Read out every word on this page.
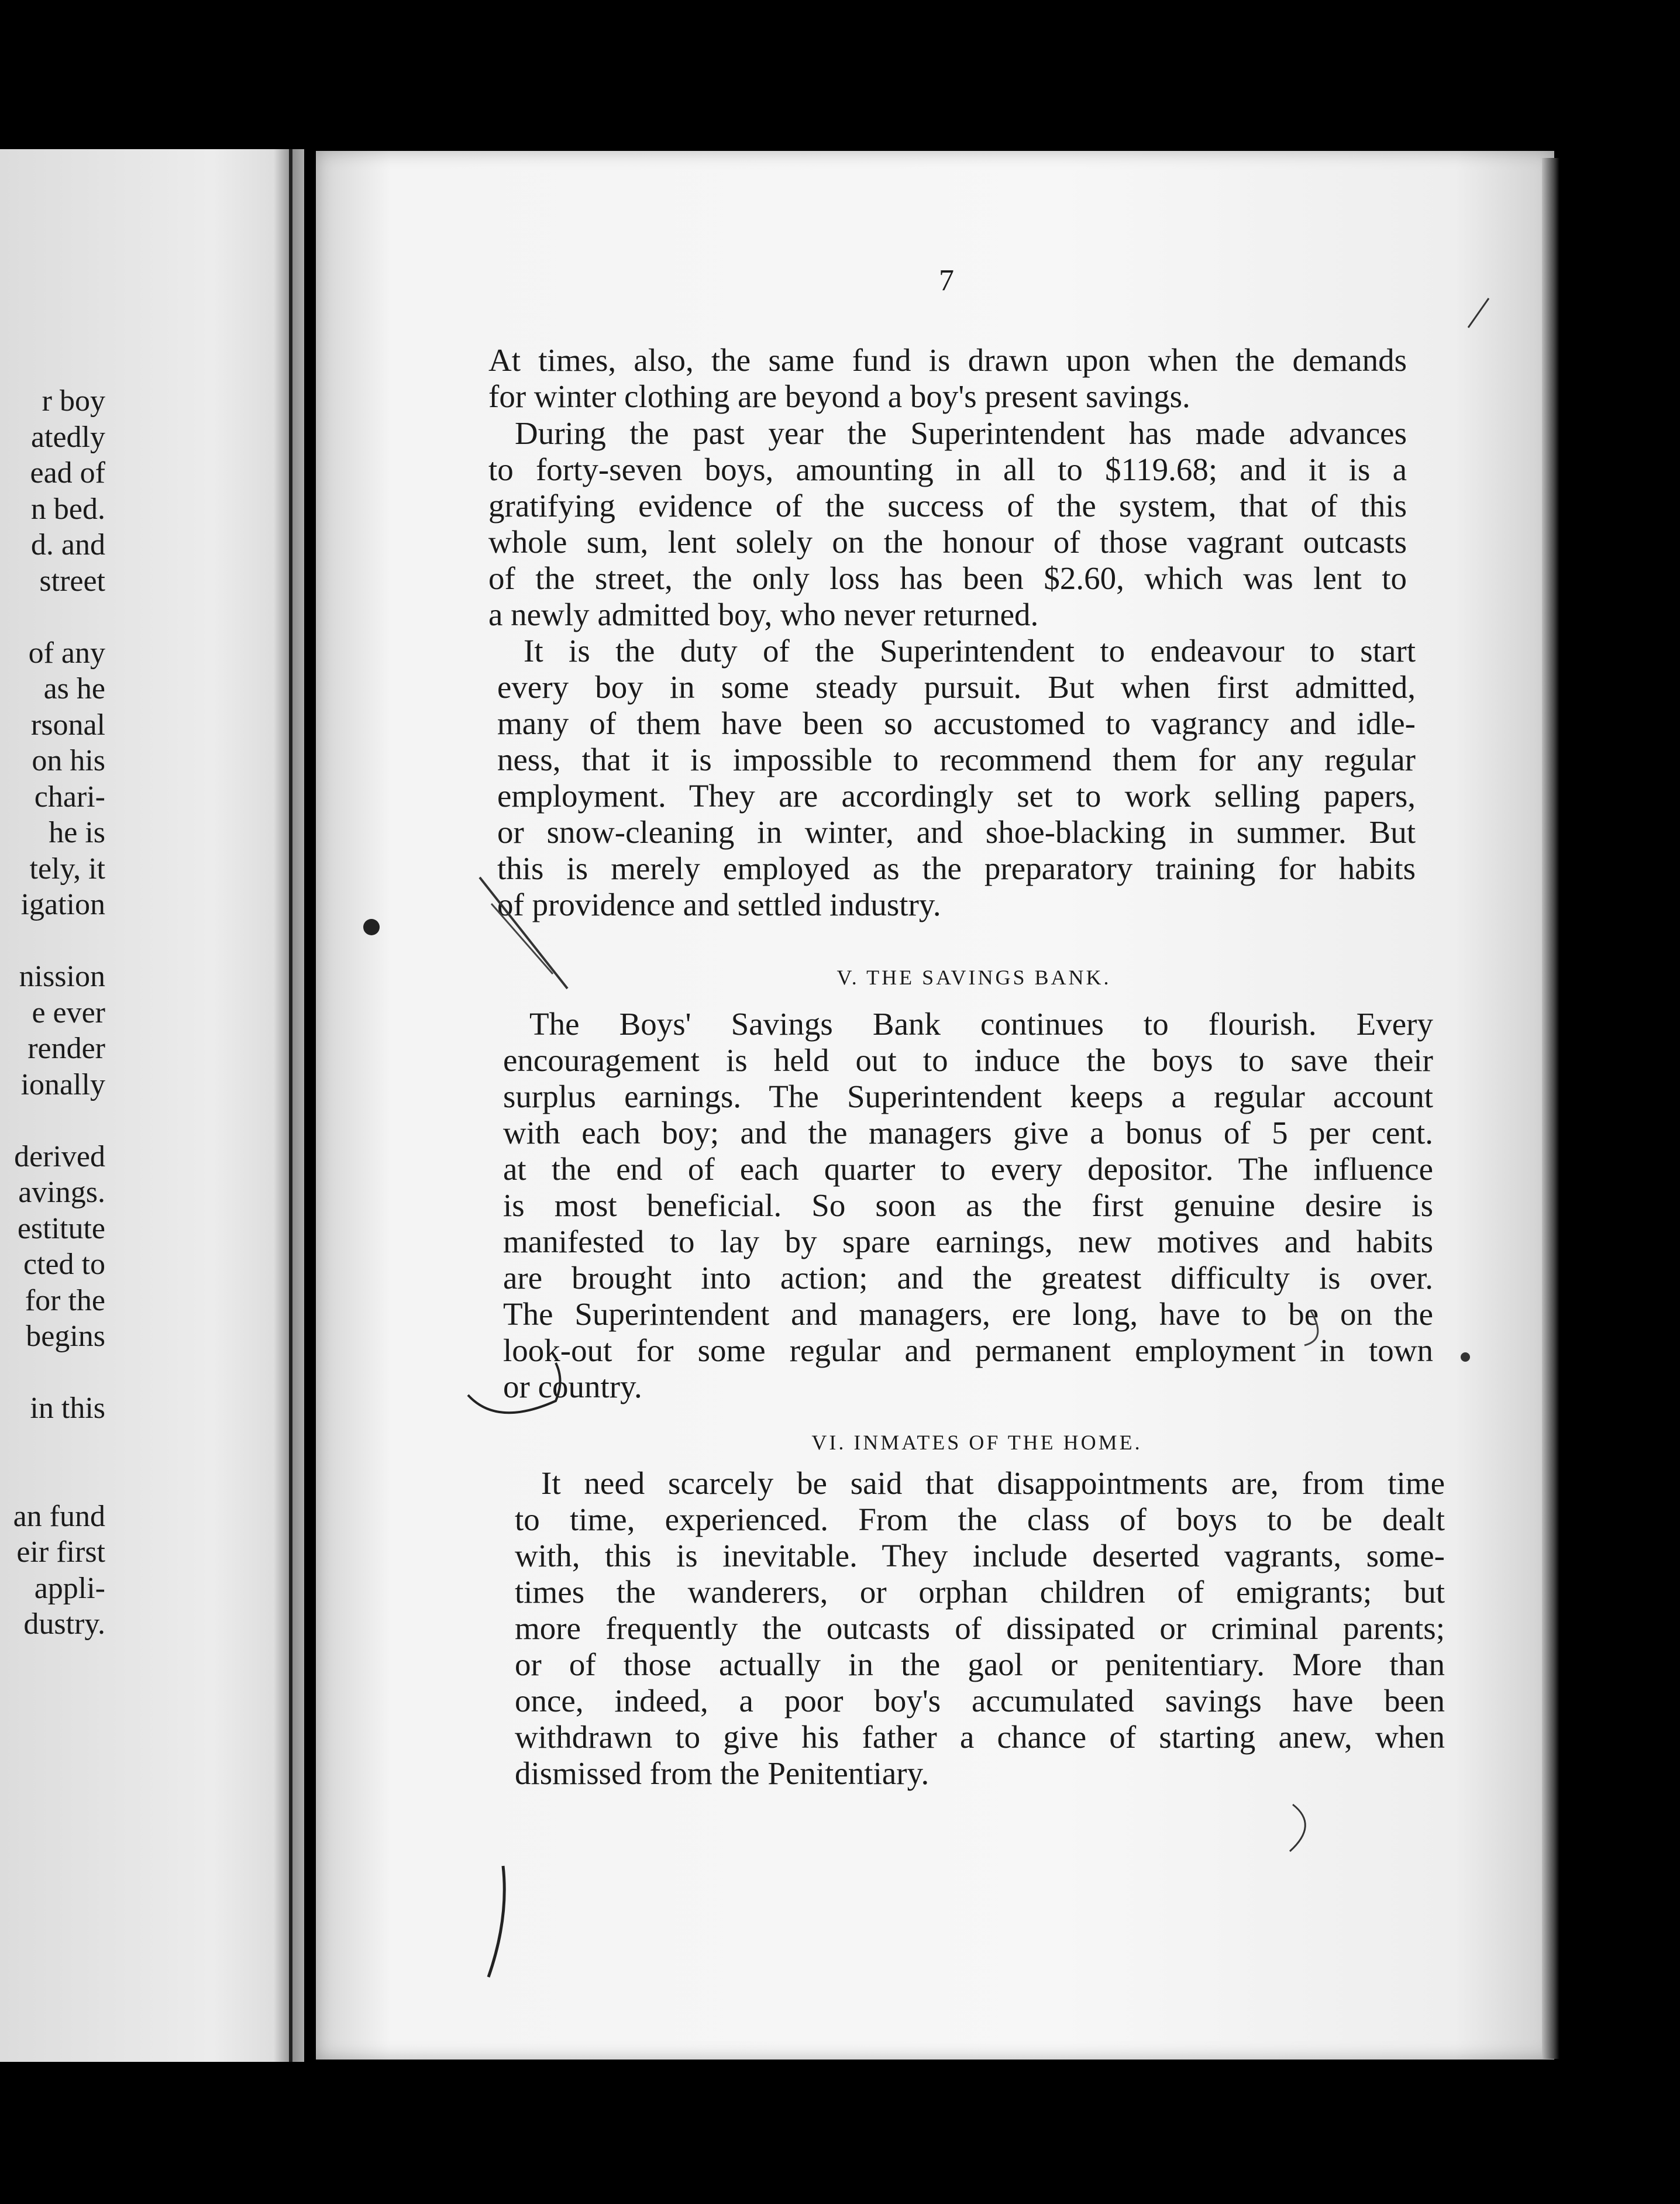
r boy
atedly
ead of
n bed.
d. and
street
of any
as he
rsonal
on his
chari-
he is
tely, it
igation
nission
e ever
render
ionally
derived
avings.
estitute
cted to
for the
begins
in this
an fund
eir first
appli-
dustry.
7
At times, also, the same fund is drawn upon when the demands
for winter clothing are beyond a boy's present savings.
During the past year the Superintendent has made advances
to forty-seven boys, amounting in all to $119.68; and it is a
gratifying evidence of the success of the system, that of this
whole sum, lent solely on the honour of those vagrant outcasts
of the street, the only loss has been $2.60, which was lent to
a newly admitted boy, who never returned.
It is the duty of the Superintendent to endeavour to start
every boy in some steady pursuit. But when first admitted,
many of them have been so accustomed to vagrancy and idle-
ness, that it is impossible to recommend them for any regular
employment. They are accordingly set to work selling papers,
or snow-cleaning in winter, and shoe-blacking in summer. But
this is merely employed as the preparatory training for habits
of providence and settled industry.
V. THE SAVINGS BANK.
The Boys' Savings Bank continues to flourish. Every
encouragement is held out to induce the boys to save their
surplus earnings. The Superintendent keeps a regular account
with each boy; and the managers give a bonus of 5 per cent.
at the end of each quarter to every depositor. The influence
is most beneficial. So soon as the first genuine desire is
manifested to lay by spare earnings, new motives and habits
are brought into action; and the greatest difficulty is over.
The Superintendent and managers, ere long, have to be on the
look-out for some regular and permanent employment in town
or country.
VI. INMATES OF THE HOME.
It need scarcely be said that disappointments are, from time
to time, experienced. From the class of boys to be dealt
with, this is inevitable. They include deserted vagrants, some-
times the wanderers, or orphan children of emigrants; but
more frequently the outcasts of dissipated or criminal parents;
or of those actually in the gaol or penitentiary. More than
once, indeed, a poor boy's accumulated savings have been
withdrawn to give his father a chance of starting anew, when
dismissed from the Penitentiary.
